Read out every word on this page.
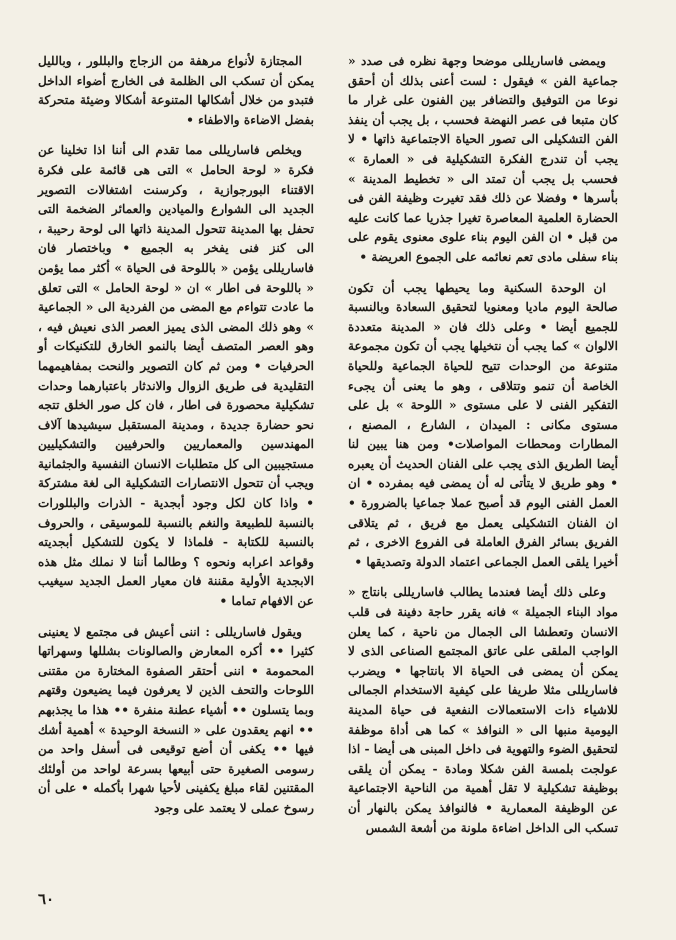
ويمضى فاساريللى موضحا وجهة نظره فى صدد « جماعية الفن » فيقول : لست أعنى بذلك أن أحقق نوعا من التوفيق والتضافر بين الفنون على غرار ما كان متبعا فى عصر النهضة فحسب ، بل يجب أن ينفذ الفن التشكيلى الى تصور الحياة الاجتماعية ذاتها • لا يجب أن تندرج الفكرة التشكيلية فى « العمارة » فحسب بل يجب أن تمتد الى « تخطيط المدينة » بأسرها • وفضلا عن ذلك فقد تغيرت وظيفة الفن فى الحضارة العلمية المعاصرة تغيرا جذريا عما كانت عليه من قبل • ان الفن اليوم بناء علوى معنوى يقوم على بناء سفلى مادى تعم نعائمه على الجموع العريضة •

ان الوحدة السكنية وما يحيطها يجب أن تكون صالحة اليوم ماديا ومعنويا لتحقيق السعادة وبالنسبة للجميع أيضا • وعلى ذلك فان « المدينة متعددة الالوان » كما يجب أن نتخيلها يجب أن تكون مجموعة متنوعة من الوحدات تتيح للحياة الجماعية وللحياة الخاصة أن تنمو وتتلاقى ، وهو ما يعنى أن يجىء التفكير الفنى لا على مستوى « اللوحة » بل على مستوى مكانى : الميدان ، الشارع ، المصنع ، المطارات ومحطات المواصلات• ومن هنا يبين لنا أيضا الطريق الذى يجب على الفنان الحديث أن يعبره • وهو طريق لا يتأتى له أن يمضى فيه بمفرده • ان العمل الفنى اليوم قد أصبح عملا جماعيا بالضرورة • ان الفنان التشكيلى يعمل مع فريق ، ثم يتلاقى الفريق بسائر الفرق العاملة فى الفروع الاخرى ، ثم أخيرا يلقى العمل الجماعى اعتماد الدولة وتصديقها •

وعلى ذلك أيضا فعندما يطالب فاساريللى بانتاج « مواد البناء الجميلة » فانه يقرر حاجة دفينة فى قلب الانسان وتعطشا الى الجمال من ناحية ، كما يعلن الواجب الملقى على عاتق المجتمع الصناعى الذى لا يمكن أن يمضى فى الحياة الا بانتاجها • ويضرب فاساريللى مثلا طريفا على كيفية الاستخدام الجمالى للاشياء ذات الاستعمالات النفعية فى حياة المدينة اليومية منبها الى « النوافذ » كما هى أداة موظفة لتحقيق الضوء والتهوية فى داخل المبنى هى أيضا - اذا عولجت بلمسة الفن شكلا ومادة - يمكن أن يلقى بوظيفة تشكيلية لا تقل أهمية من الناحية الاجتماعية عن الوظيفة المعمارية • فالنوافذ يمكن بالنهار أن تسكب الى الداخل اضاءة ملونة من أشعة الشمس

المجتازة لأنواع مرهفة من الزجاج والبللور ، وبالليل يمكن أن تسكب الى الظلمة فى الخارج أضواء الداخل فتبدو من خلال أشكالها المتنوعة أشكالا وضيئة متحركة بفضل الاضاءة والاطفاء •

ويخلص فاساريللى مما تقدم الى أننا اذا تخلينا عن فكرة « لوحة الحامل » التى هى قائمة على فكرة الاقتناء البورجوازية ، وكرسنت اشتغالات التصوير الجديد الى الشوارع والميادين والعمائر الضخمة التى تحفل بها المدينة تتحول المدينة ذاتها الى لوحة رحيبة ، الى كنز فنى يفخر به الجميع • وباختصار فان فاساريللى يؤمن « باللوحة فى الحياة » أكثر مما يؤمن « باللوحة فى اطار » ان « لوحة الحامل » التى تعلق ما عادت تتواءم مع المضى من الفردية الى « الجماعية » وهو ذلك المضى الذى يميز العصر الذى نعيش فيه ، وهو العصر المتصف أيضا بالنمو الخارق للتكنيكات أو الحرفيات • ومن ثم كان التصوير والنحت بمفاهيمهما التقليدية فى طريق الزوال والاندثار باعتبارهما وحدات تشكيلية محصورة فى اطار ، فان كل صور الخلق تتجه نحو حضارة جديدة ، ومدينة المستقبل سيشيدها آلاف المهندسين والمعماريين والحرفيين والتشكيليين مستجيبين الى كل متطلبات الانسان النفسية والجثمانية ويجب أن تتحول الانتصارات التشكيلية الى لغة مشتركة • واذا كان لكل وجود أبجدية - الذرات والبللورات بالنسبة للطبيعة والنغم بالنسبة للموسيقى ، والحروف بالنسبة للكتابة - فلماذا لا يكون للتشكيل أبجديته وقواعد اعرابه ونحوه ؟ وطالما أننا لا نملك مثل هذه الابجدية الأولية مقننة فان معيار العمل الجديد سيغيب عن الافهام تماما •

ويقول فاساريللى : اننى أعيش فى مجتمع لا يعنينى كثيرا •• أكره المعارض والصالونات بشللها وسهراتها المحمومة • اننى أحتقر الصفوة المختارة من مقتنى اللوحات والتحف الذين لا يعرفون فيما يضيعون وقتهم وبما يتسلون •• أشياء عطنة منفرة •• هذا ما يجذبهم •• انهم يعقدون على « النسخة الوحيدة » أهمية أشك فيها •• يكفى أن أضع توقيعى فى أسفل واحد من رسومى الصغيرة حتى أبيعها بسرعة لواحد من أولئك المقتنين لقاء مبلغ يكفينى لأحيا شهرا بأكمله • على أن رسوخ عملى لا يعتمد على وجود

٦٠
